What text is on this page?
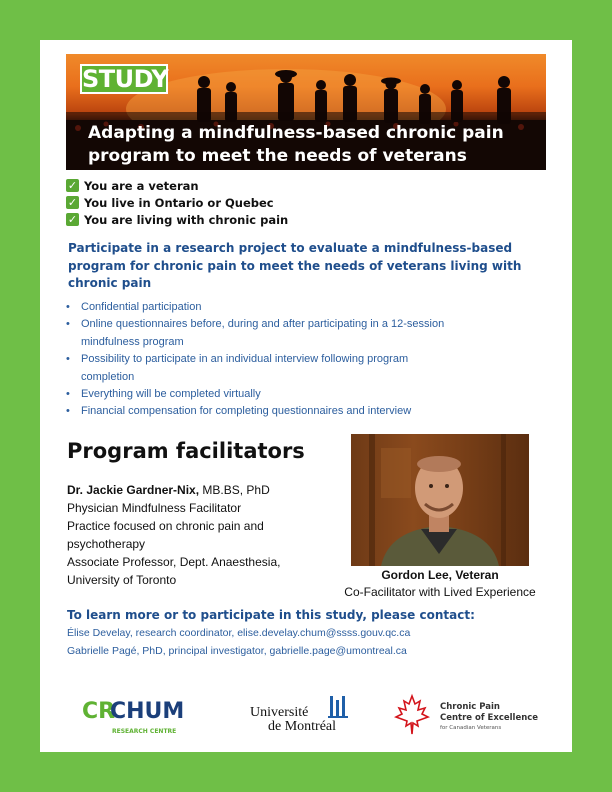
STUDY
Adapting a mindfulness-based chronic pain
program to meet the needs of veterans
✓ You are a veteran
✓ You live in Ontario or Quebec
✓ You are living with chronic pain
Participate in a research project to evaluate a mindfulness-based
program for chronic pain to meet the needs of veterans living with
chronic pain
• Confidential participation
• Online questionnaires before, during and after participating in a 12-session
mindfulness program
• Possibility to participate in an individual interview following program
completion
• Everything will be completed virtually
• Financial compensation for completing questionnaires and interview
Program facilitators
Dr. Jackie Gardner-Nix, MB.BS, PhD
Physician Mindfulness Facilitator
Practice focused on chronic pain and
psychotherapy
Associate Professor, Dept. Anaesthesia,
University of Toronto	Gordon Lee, Veteran
Co-Facilitator with Lived Experience
To learn more or to participate in this study, please contact:
Élise Develay, research coordinator, elise.develay.chum@ssss.gouv.qc.ca
Gabrielle Pagé, PhD, principal investigator, gabrielle.page@umontreal.ca
CR
CHUM
RESEARCH CENTRE
Université
de Montréal
Chronic Pain
Centre of Excellence
for Canadian Veterans
